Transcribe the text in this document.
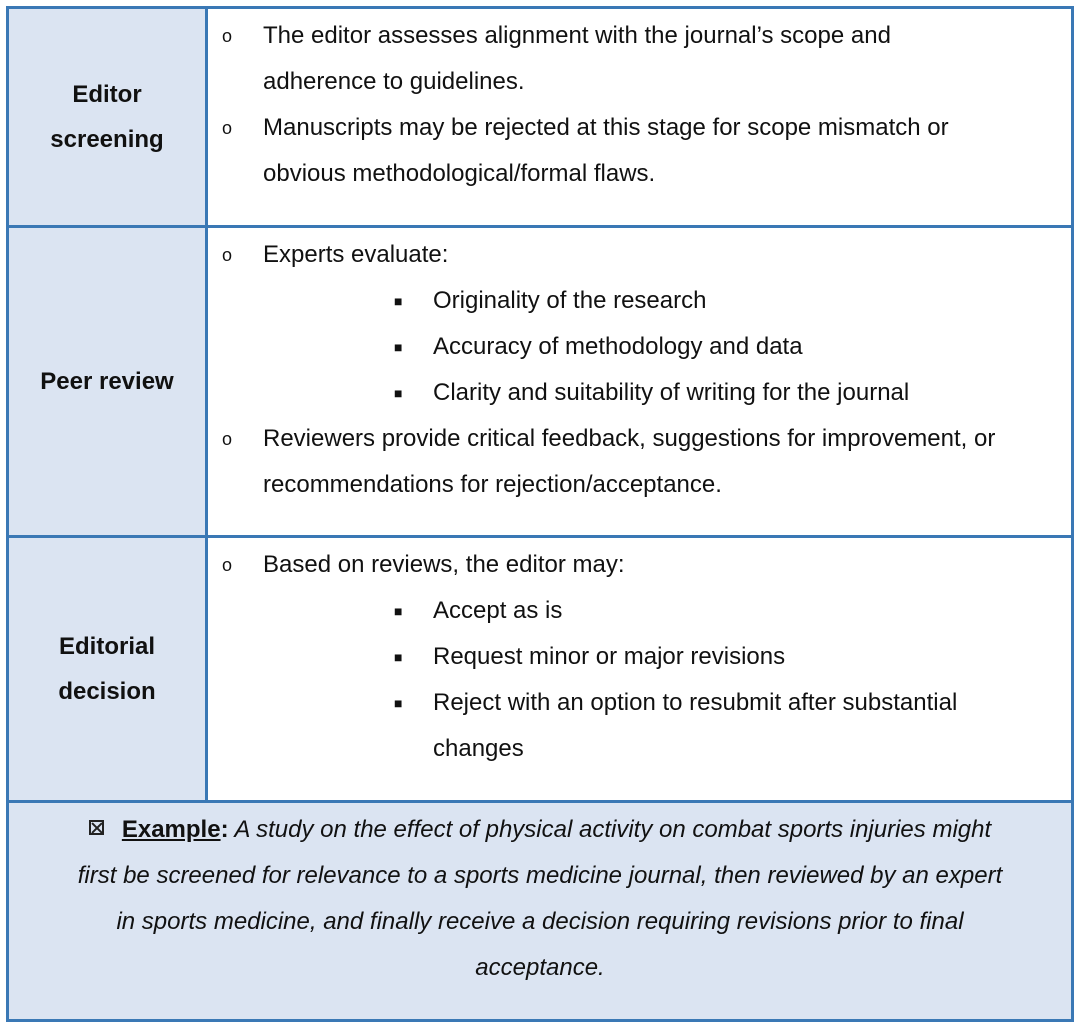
Editor
screening
o The editor assesses alignment with the journal’s scope and
adherence to guidelines.
o Manuscripts may be rejected at this stage for scope mismatch or
obvious methodological/formal flaws.
Peer review
o Experts evaluate:
■ Originality of the research
■ Accuracy of methodology and data
■ Clarity and suitability of writing for the journal
o Reviewers provide critical feedback, suggestions for improvement, or
recommendations for rejection/acceptance.
Editorial
decision
o Based on reviews, the editor may:
■ Accept as is
■ Request minor or major revisions
■ Reject with an option to resubmit after substantial
changes
Example: A study on the effect of physical activity on combat sports injuries might
first be screened for relevance to a sports medicine journal, then reviewed by an expert
in sports medicine, and finally receive a decision requiring revisions prior to final
acceptance.
